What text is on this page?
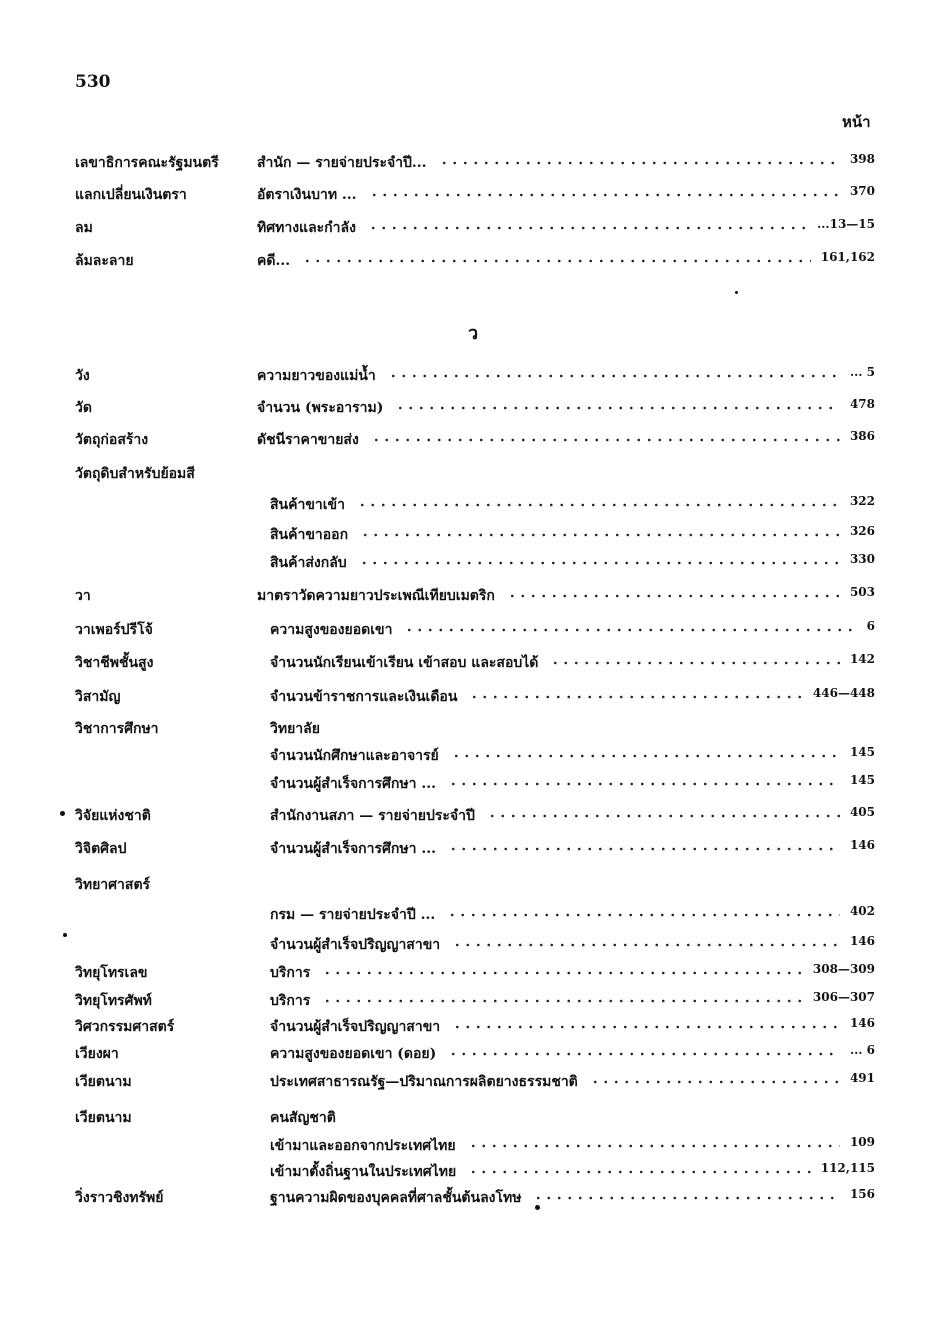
530
หน้า
ว
เลขาธิการคณะรัฐมนตรี	สำนัก — รายจ่ายประจำปี...	398
แลกเปลี่ยนเงินตรา	อัตราเงินบาท ...	370
ลม	ทิศทางและกำลัง	...13—15
ล้มละลาย	คดี...	161,162
วัง	ความยาวของแม่น้ำ	... 5
วัด	จำนวน (พระอาราม)	478
วัตถุก่อสร้าง	ดัชนีราคาขายส่ง	386
วัตถุดิบสำหรับย้อมสี
สินค้าขาเข้า	322
สินค้าขาออก	326
สินค้าส่งกลับ	330
วา	มาตราวัดความยาวประเพณีเทียบเมตริก	503
วาเพอร์ปรีโจ้	ความสูงของยอดเขา	6
วิชาชีพชั้นสูง	จำนวนนักเรียนเข้าเรียน เข้าสอบ และสอบได้	142
วิสามัญ	จำนวนข้าราชการและเงินเดือน	446—448
วิชาการศึกษา	วิทยาลัย
จำนวนนักศึกษาและอาจารย์	145
จำนวนผู้สำเร็จการศึกษา ...	145
วิจัยแห่งชาติ	สำนักงานสภา — รายจ่ายประจำปี	405
วิจิตศิลป	จำนวนผู้สำเร็จการศึกษา ...	146
วิทยาศาสตร์
กรม — รายจ่ายประจำปี ...	402
จำนวนผู้สำเร็จปริญญาสาขา	146
วิทยุโทรเลข	บริการ	308—309
วิทยุโทรศัพท์	บริการ	306—307
วิศวกรรมศาสตร์	จำนวนผู้สำเร็จปริญญาสาขา	146
เวียงผา	ความสูงของยอดเขา (ดอย)	... 6
เวียตนาม	ประเทศสาธารณรัฐ—ปริมาณการผลิตยางธรรมชาติ	491
เวียตนาม	คนสัญชาติ
เข้ามาและออกจากประเทศไทย	109
เข้ามาตั้งถิ่นฐานในประเทศไทย	112,115
วิ่งราวชิงทรัพย์	ฐานความผิดของบุคคลที่ศาลชั้นต้นลงโทษ	156
